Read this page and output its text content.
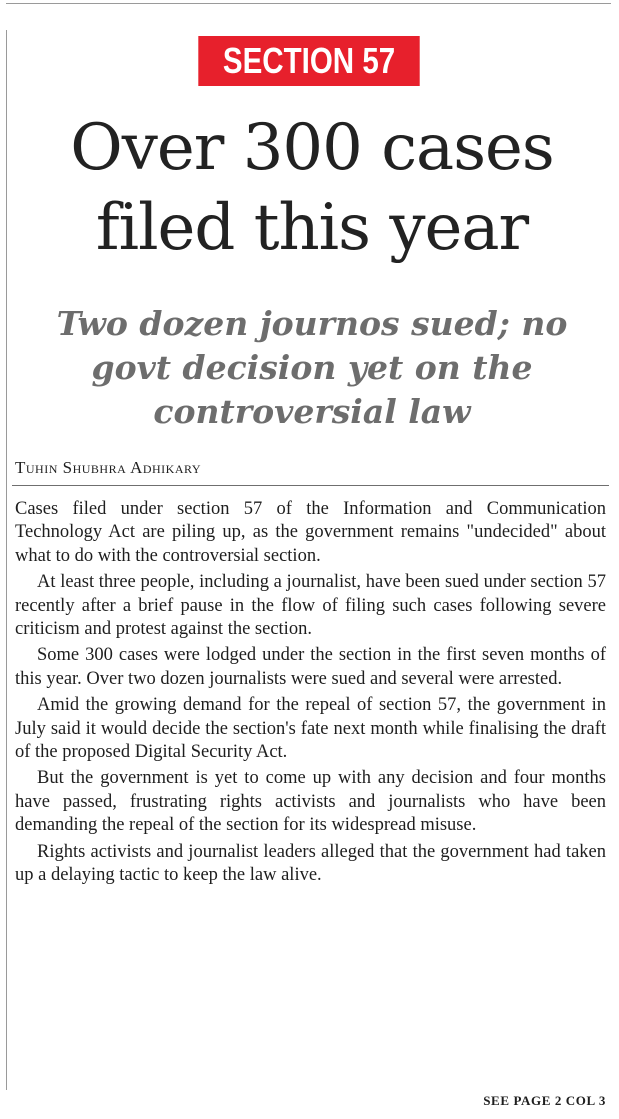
SECTION 57
Over 300 cases filed this year
Two dozen journos sued; no govt decision yet on the controversial law
Tuhin Shubhra Adhikary

Cases filed under section 57 of the Information and Communication Technology Act are piling up, as the government remains "undecided" about what to do with the controversial section.

At least three people, including a journalist, have been sued under section 57 recently after a brief pause in the flow of filing such cases following severe criticism and protest against the section.

Some 300 cases were lodged under the section in the first seven months of this year. Over two dozen journalists were sued and several were arrested.

Amid the growing demand for the repeal of section 57, the government in July said it would decide the section's fate next month while finalising the draft of the proposed Digital Security Act.

But the government is yet to come up with any decision and four months have passed, frustrating rights activists and journalists who have been demanding the repeal of the section for its widespread misuse.

Rights activists and journalist leaders alleged that the government had taken up a delaying tactic to keep the law alive.

SEE PAGE 2 COL 3
